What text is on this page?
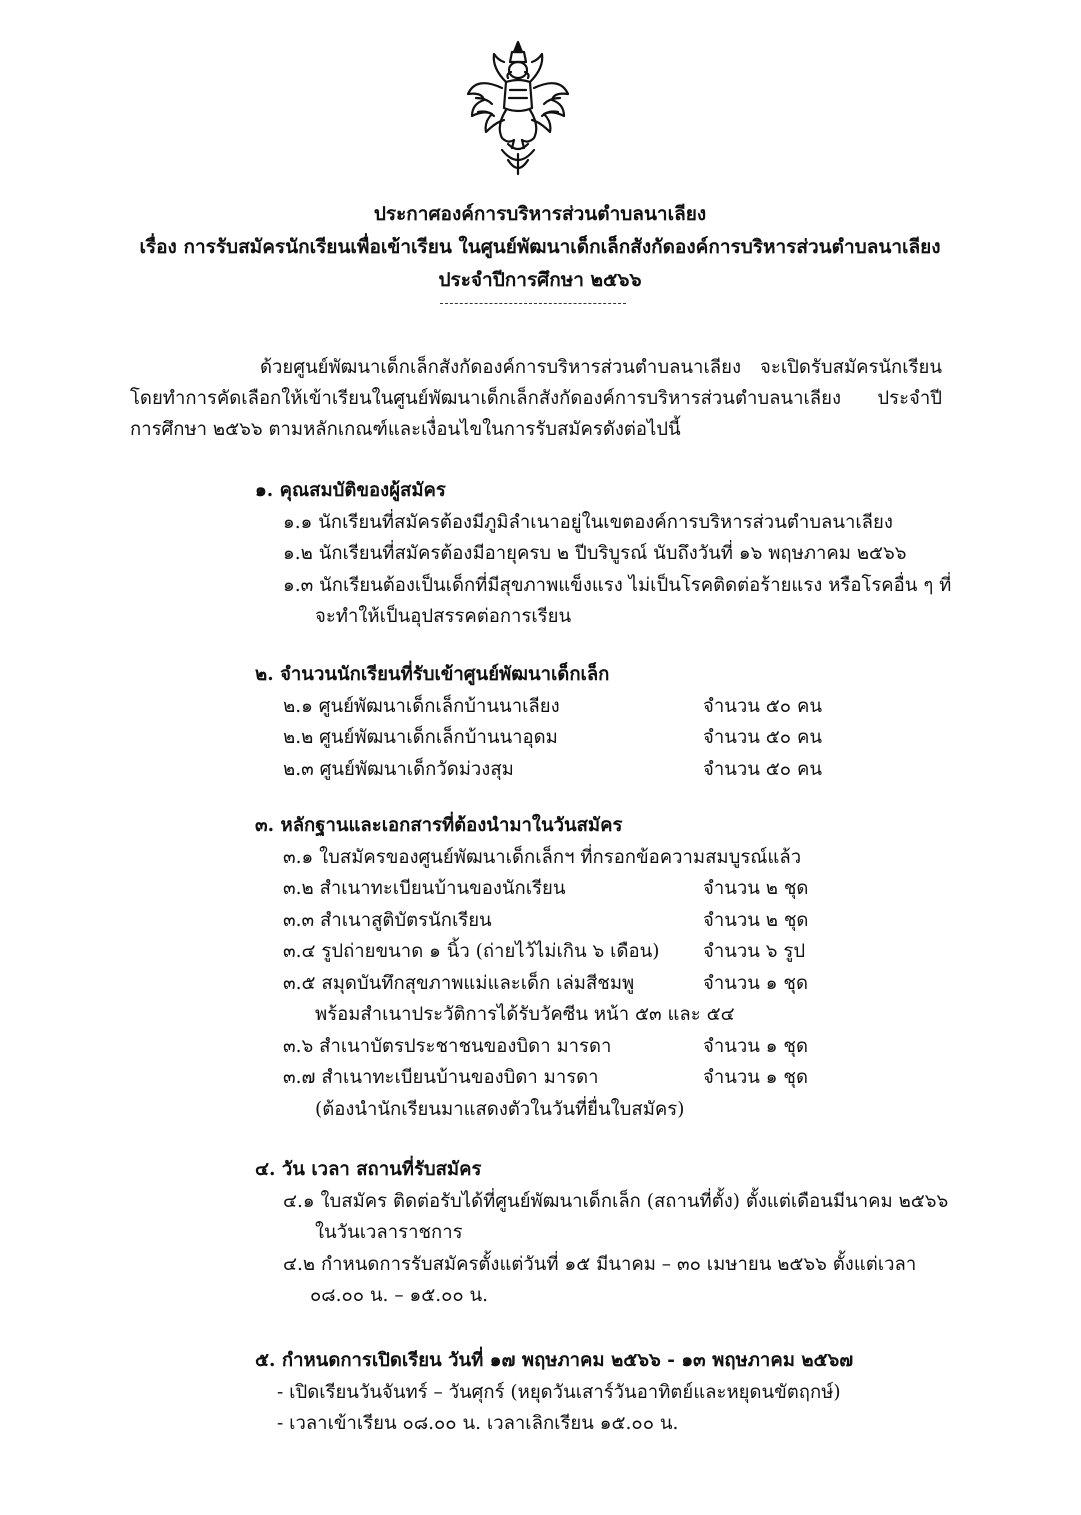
ประกาศองค์การบริหารส่วนตำบลนาเลียง
เรื่อง การรับสมัครนักเรียนเพื่อเข้าเรียน ในศูนย์พัฒนาเด็กเล็กสังกัดองค์การบริหารส่วนตำบลนาเลียง
ประจำปีการศึกษา ๒๕๖๖

ด้วยศูนย์พัฒนาเด็กเล็กสังกัดองค์การบริหารส่วนตำบลนาเลียง จะเปิดรับสมัครนักเรียน โดยทำการคัดเลือกให้เข้าเรียนในศูนย์พัฒนาเด็กเล็กสังกัดองค์การบริหารส่วนตำบลนาเลียง ประจำปีการศึกษา ๒๕๖๖ ตามหลักเกณฑ์และเงื่อนไขในการรับสมัครดังต่อไปนี้

๑. คุณสมบัติของผู้สมัคร
๑.๑ นักเรียนที่สมัครต้องมีภูมิลำเนาอยู่ในเขตองค์การบริหารส่วนตำบลนาเลียง
๑.๒ นักเรียนที่สมัครต้องมีอายุครบ ๒ ปีบริบูรณ์ นับถึงวันที่ ๑๖ พฤษภาคม ๒๕๖๖
๑.๓ นักเรียนต้องเป็นเด็กที่มีสุขภาพแข็งแรง ไม่เป็นโรคติดต่อร้ายแรง หรือโรคอื่น ๆ ที่
จะทำให้เป็นอุปสรรคต่อการเรียน
๒. จำนวนนักเรียนที่รับเข้าศูนย์พัฒนาเด็กเล็ก
๒.๑ ศูนย์พัฒนาเด็กเล็กบ้านนาเลียง	จำนวน ๕๐ คน
๒.๒ ศูนย์พัฒนาเด็กเล็กบ้านนาอุดม	จำนวน ๕๐ คน
๒.๓ ศูนย์พัฒนาเด็กวัดม่วงสุม	จำนวน ๕๐ คน
๓. หลักฐานและเอกสารที่ต้องนำมาในวันสมัคร
๓.๑ ใบสมัครของศูนย์พัฒนาเด็กเล็กฯ ที่กรอกข้อความสมบูรณ์แล้ว
๓.๒ สำเนาทะเบียนบ้านของนักเรียน	จำนวน ๒ ชุด
๓.๓ สำเนาสูติบัตรนักเรียน	จำนวน ๒ ชุด
๓.๔ รูปถ่ายขนาด ๑ นิ้ว (ถ่ายไว้ไม่เกิน ๖ เดือน)	จำนวน ๖ รูป
๓.๕ สมุดบันทึกสุขภาพแม่และเด็ก เล่มสีชมพู	จำนวน ๑ ชุด
พร้อมสำเนาประวัติการได้รับวัคซีน หน้า ๕๓ และ ๕๔
๓.๖ สำเนาบัตรประชาชนของบิดา มารดา	จำนวน ๑ ชุด
๓.๗ สำเนาทะเบียนบ้านของบิดา มารดา	จำนวน ๑ ชุด
(ต้องนำนักเรียนมาแสดงตัวในวันที่ยื่นใบสมัคร)
๔. วัน เวลา สถานที่รับสมัคร
๔.๑ ใบสมัคร ติดต่อรับได้ที่ศูนย์พัฒนาเด็กเล็ก (สถานที่ตั้ง) ตั้งแต่เดือนมีนาคม ๒๕๖๖
ในวันเวลาราชการ
๔.๒ กำหนดการรับสมัครตั้งแต่วันที่ ๑๕ มีนาคม – ๓๐ เมษายน ๒๕๖๖ ตั้งแต่เวลา
๐๘.๐๐ น. – ๑๕.๐๐ น.
๕. กำหนดการเปิดเรียน วันที่ ๑๗ พฤษภาคม ๒๕๖๖ - ๑๓ พฤษภาคม ๒๕๖๗
- เปิดเรียนวันจันทร์ – วันศุกร์ (หยุดวันเสาร์วันอาทิตย์และหยุดนขัตฤกษ์)
- เวลาเข้าเรียน ๐๘.๐๐ น. เวลาเลิกเรียน ๑๕.๐๐ น.
